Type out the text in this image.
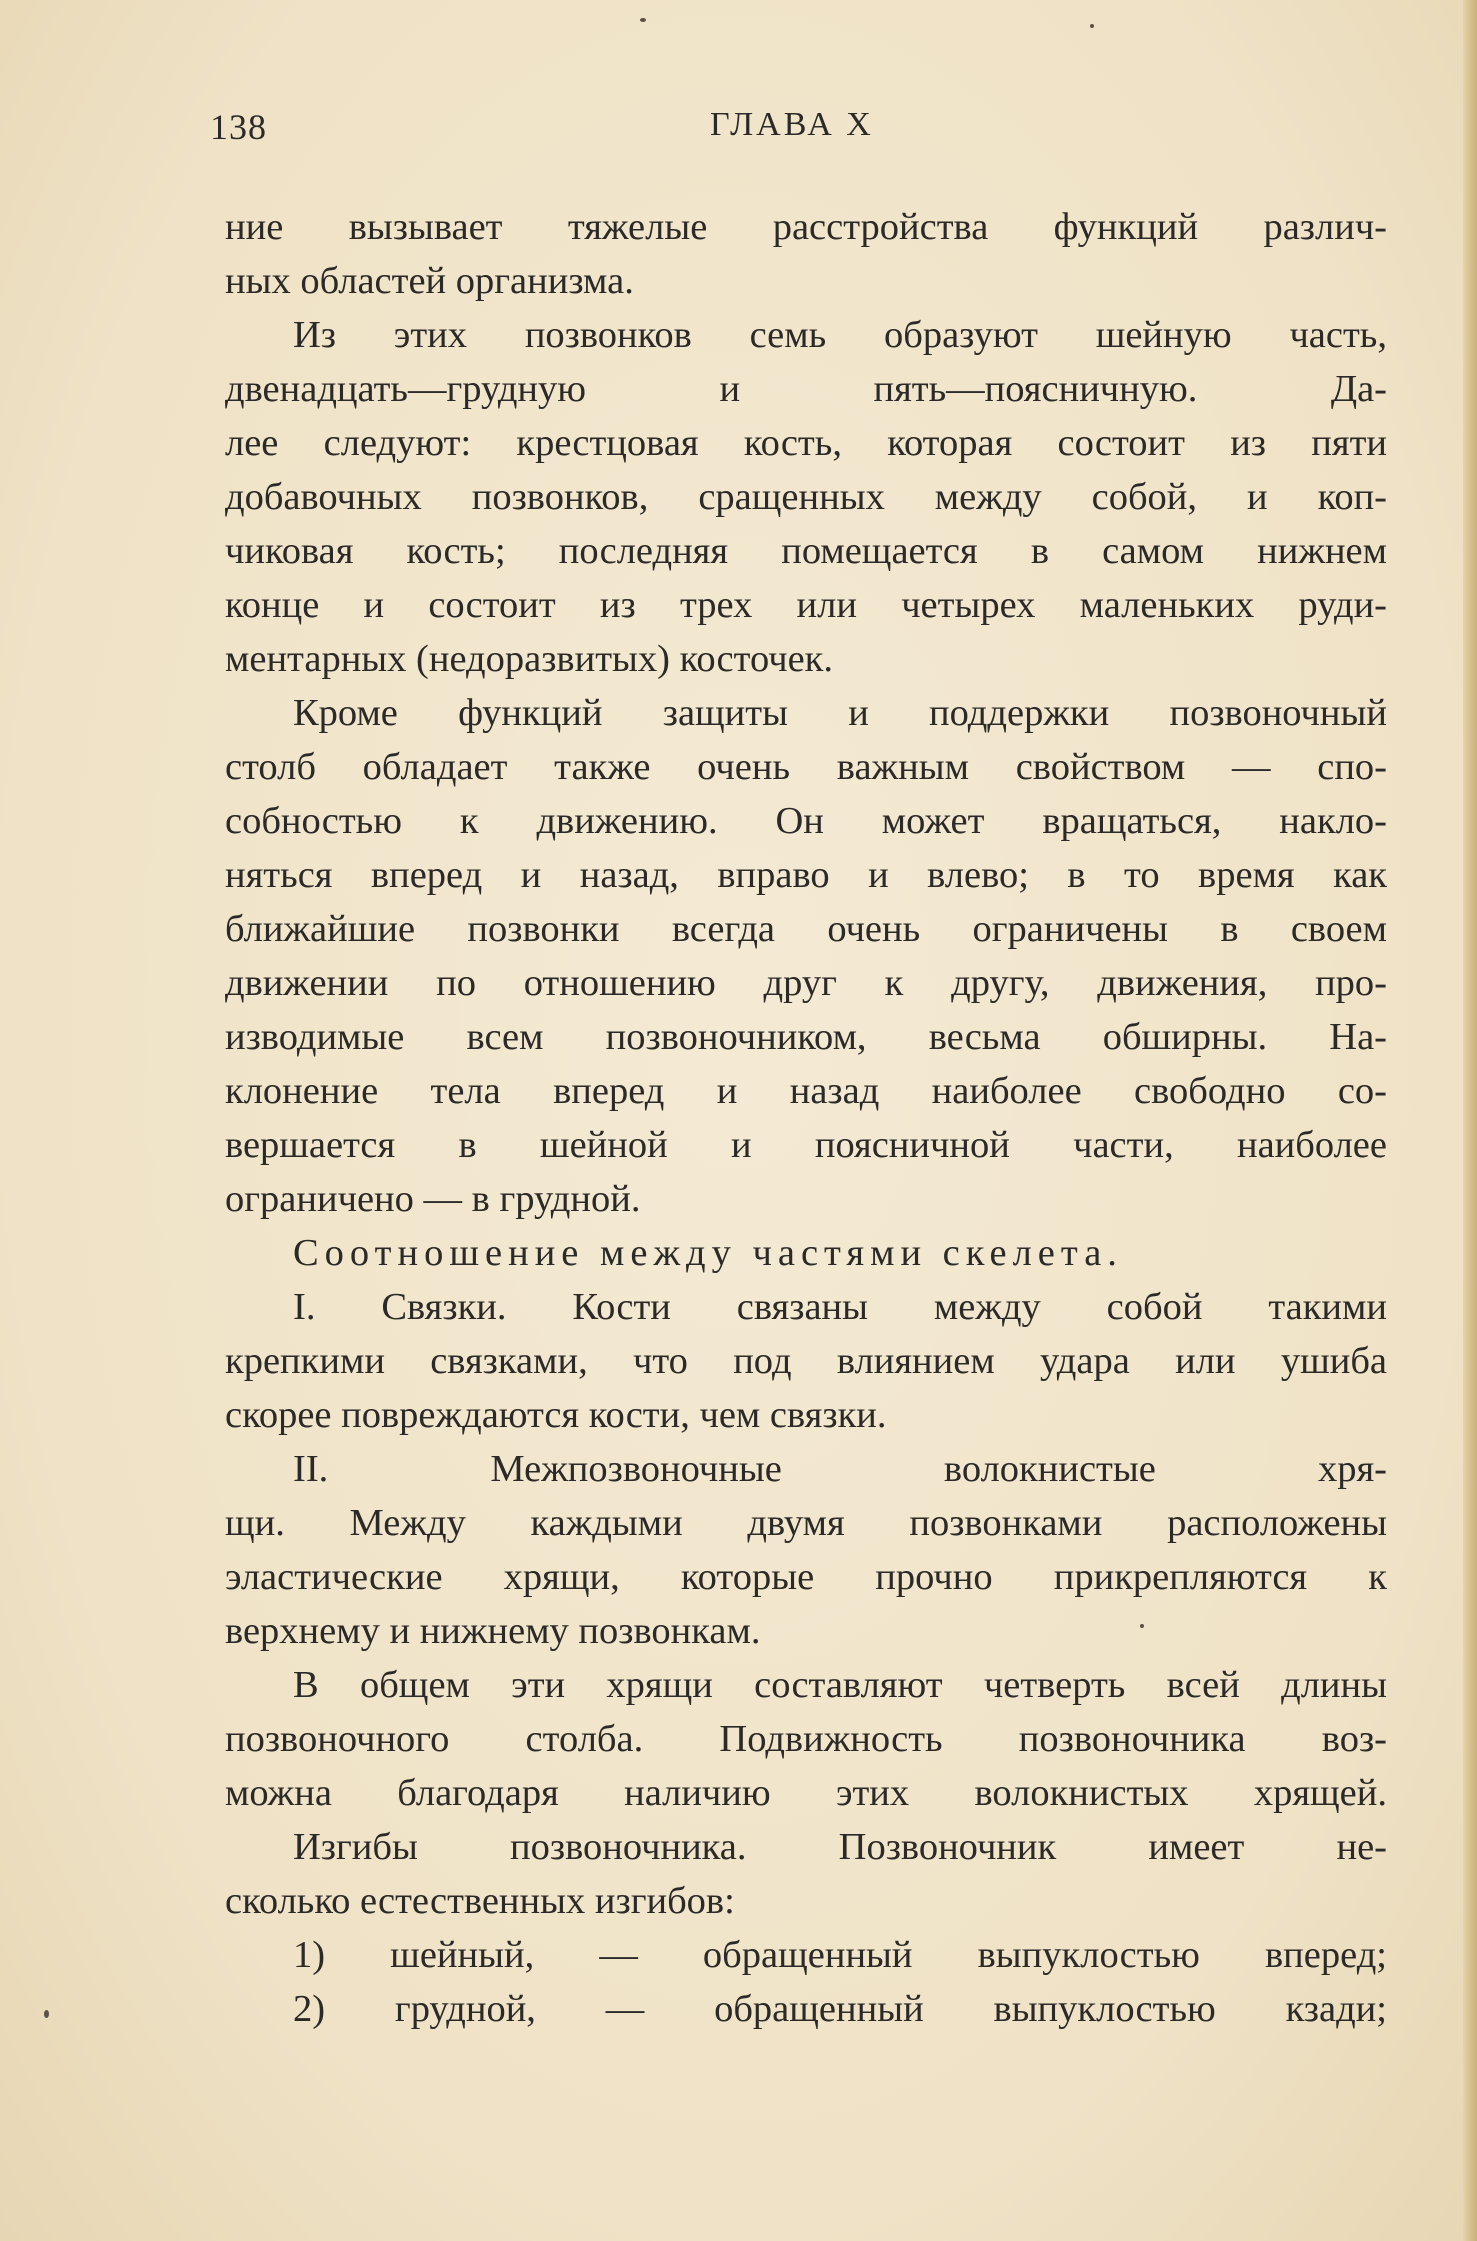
138	ГЛАВА X
ние вызывает тяжелые расстройства функций различ-
ных областей организма.
Из этих позвонков семь образуют шейную часть,
двенадцать—грудную и пять—поясничную. Да-
лее следуют: крестцовая кость, которая состоит из пяти
добавочных позвонков, сращенных между собой, и коп-
чиковая кость; последняя помещается в самом нижнем
конце и состоит из трех или четырех маленьких руди-
ментарных (недоразвитых) косточек.
Кроме функций защиты и поддержки позвоночный
столб обладает также очень важным свойством — спо-
собностью к движению. Он может вращаться, накло-
няться вперед и назад, вправо и влево; в то время как
ближайшие позвонки всегда очень ограничены в своем
движении по отношению друг к другу, движения, про-
изводимые всем позвоночником, весьма обширны. На-
клонение тела вперед и назад наиболее свободно со-
вершается в шейной и поясничной части, наиболее
ограничено — в грудной.
Соотношение между частями скелета.
I. Связки. Кости связаны между собой такими
крепкими связками, что под влиянием удара или ушиба
скорее повреждаются кости, чем связки.
II. Межпозвоночные волокнистые хря-
щи. Между каждыми двумя позвонками расположены
эластические хрящи, которые прочно прикрепляются к
верхнему и нижнему позвонкам.
В общем эти хрящи составляют четверть всей длины
позвоночного столба. Подвижность позвоночника воз-
можна благодаря наличию этих волокнистых хрящей.
Изгибы позвоночника. Позвоночник имеет не-
сколько естественных изгибов:
1) шейный, — обращенный выпуклостью вперед;
2) грудной, — обращенный выпуклостью кзади;
